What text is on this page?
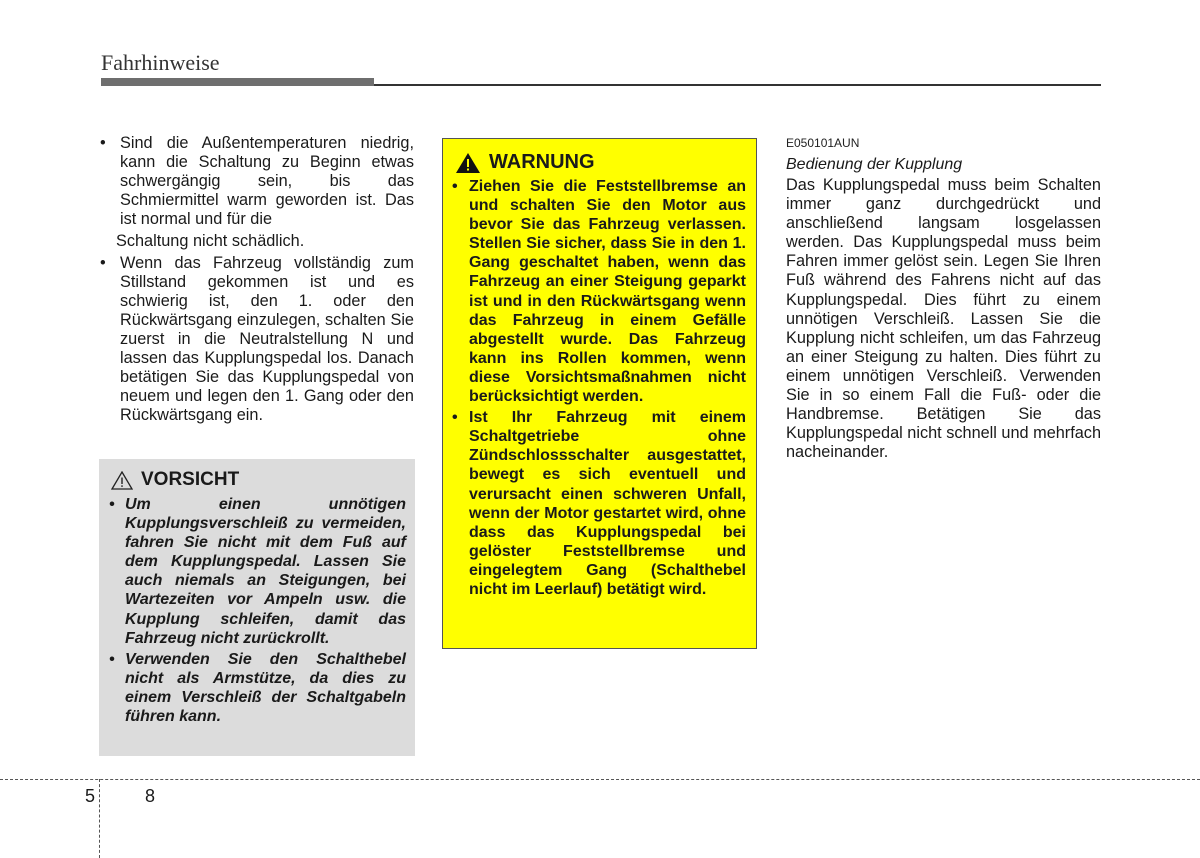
Fahrhinweise
• Sind die Außentemperaturen niedrig, kann die Schaltung zu Beginn etwas schwergängig sein, bis das Schmiermittel warm geworden ist. Das ist normal und für die
Schaltung nicht schädlich.
• Wenn das Fahrzeug vollständig zum Stillstand gekommen ist und es schwierig ist, den 1. oder den Rückwärtsgang einzulegen, schalten Sie zuerst in die Neutralstellung N und lassen das Kupplungspedal los. Danach betätigen Sie das Kupplungspedal von neuem und legen den 1. Gang oder den Rückwärtsgang ein.
VORSICHT
• Um einen unnötigen Kupplungsverschleiß zu vermeiden, fahren Sie nicht mit dem Fuß auf dem Kupplungspedal. Lassen Sie auch niemals an Steigungen, bei Wartezeiten vor Ampeln usw. die Kupplung schleifen, damit das Fahrzeug nicht zurückrollt.
• Verwenden Sie den Schalthebel nicht als Armstütze, da dies zu einem Verschleiß der Schaltgabeln führen kann.
WARNUNG
• Ziehen Sie die Feststellbremse an und schalten Sie den Motor aus bevor Sie das Fahrzeug verlassen. Stellen Sie sicher, dass Sie in den 1. Gang geschaltet haben, wenn das Fahrzeug an einer Steigung geparkt ist und in den Rückwärtsgang wenn das Fahrzeug in einem Gefälle abgestellt wurde. Das Fahrzeug kann ins Rollen kommen, wenn diese Vorsichtsmaßnahmen nicht berücksichtigt werden.
• Ist Ihr Fahrzeug mit einem Schaltgetriebe ohne Zündschlossschalter ausgestattet, bewegt es sich eventuell und verursacht einen schweren Unfall, wenn der Motor gestartet wird, ohne dass das Kupplungspedal bei gelöster Feststellbremse und eingelegtem Gang (Schalthebel nicht im Leerlauf) betätigt wird.
E050101AUN
Bedienung der Kupplung
Das Kupplungspedal muss beim Schalten immer ganz durchgedrückt und anschließend langsam losgelassen werden. Das Kupplungspedal muss beim Fahren immer gelöst sein. Legen Sie Ihren Fuß während des Fahrens nicht auf das Kupplungspedal. Dies führt zu einem unnötigen Verschleiß. Lassen Sie die Kupplung nicht schleifen, um das Fahrzeug an einer Steigung zu halten. Dies führt zu einem unnötigen Verschleiß. Verwenden Sie in so einem Fall die Fuß- oder die Handbremse. Betätigen Sie das Kupplungspedal nicht schnell und mehrfach nacheinander.
5	8
